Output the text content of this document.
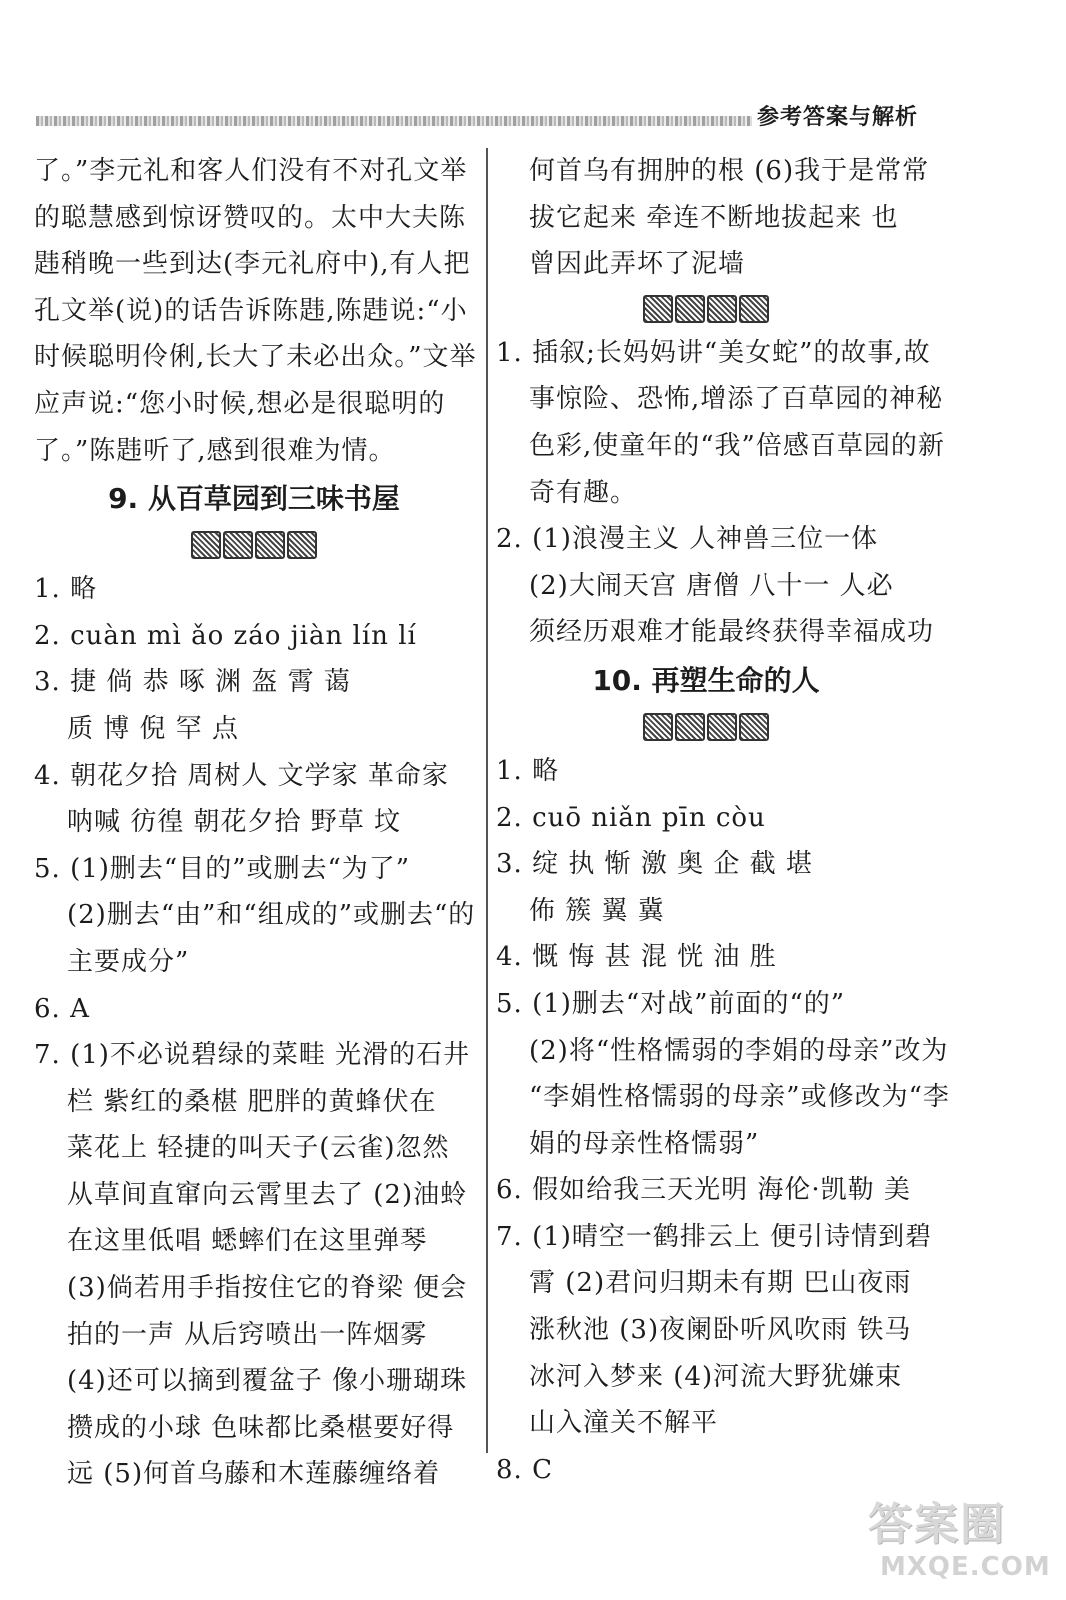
参考答案与解析
了。”李元礼和客人们没有不对孔文举
的聪慧感到惊讶赞叹的。太中大夫陈
韪稍晚一些到达(李元礼府中),有人把
孔文举(说)的话告诉陈韪,陈韪说:“小
时候聪明伶俐,长大了未必出众。”文举
应声说:“您小时候,想必是很聪明的
了。”陈韪听了,感到很难为情。
9. 从百草园到三味书屋
1. 略
2. cuàn mì ǎo záo jiàn lín lí
3. 捷 倘 恭 啄 渊 盔 霄 蔼
质 博 倪 罕 点
4. 朝花夕拾 周树人 文学家 革命家
呐喊 彷徨 朝花夕拾 野草 坟
5. (1)删去“目的”或删去“为了”
(2)删去“由”和“组成的”或删去“的
主要成分”
6. A
7. (1)不必说碧绿的菜畦 光滑的石井
栏 紫红的桑椹 肥胖的黄蜂伏在
菜花上 轻捷的叫天子(云雀)忽然
从草间直窜向云霄里去了 (2)油蛉
在这里低唱 蟋蟀们在这里弹琴
(3)倘若用手指按住它的脊梁 便会
拍的一声 从后窍喷出一阵烟雾
(4)还可以摘到覆盆子 像小珊瑚珠
攒成的小球 色味都比桑椹要好得
远 (5)何首乌藤和木莲藤缠络着
何首乌有拥肿的根 (6)我于是常常
拔它起来 牵连不断地拔起来 也
曾因此弄坏了泥墙
1. 插叙;长妈妈讲“美女蛇”的故事,故
事惊险、恐怖,增添了百草园的神秘
色彩,使童年的“我”倍感百草园的新
奇有趣。
2. (1)浪漫主义 人神兽三位一体
(2)大闹天宫 唐僧 八十一 人必
须经历艰难才能最终获得幸福成功
10. 再塑生命的人
1. 略
2. cuō niǎn pīn còu
3. 绽 执 惭 激 奥 企 截 堪
佈 簇 翼 冀
4. 慨 悔 甚 混 恍 油 胜
5. (1)删去“对战”前面的“的”
(2)将“性格懦弱的李娟的母亲”改为
“李娟性格懦弱的母亲”或修改为“李
娟的母亲性格懦弱”
6. 假如给我三天光明 海伦·凯勒 美
7. (1)晴空一鹤排云上 便引诗情到碧
霄 (2)君问归期未有期 巴山夜雨
涨秋池 (3)夜阑卧听风吹雨 铁马
冰河入梦来 (4)河流大野犹嫌束
山入潼关不解平
8. C
答案圈
MXQE.COM
